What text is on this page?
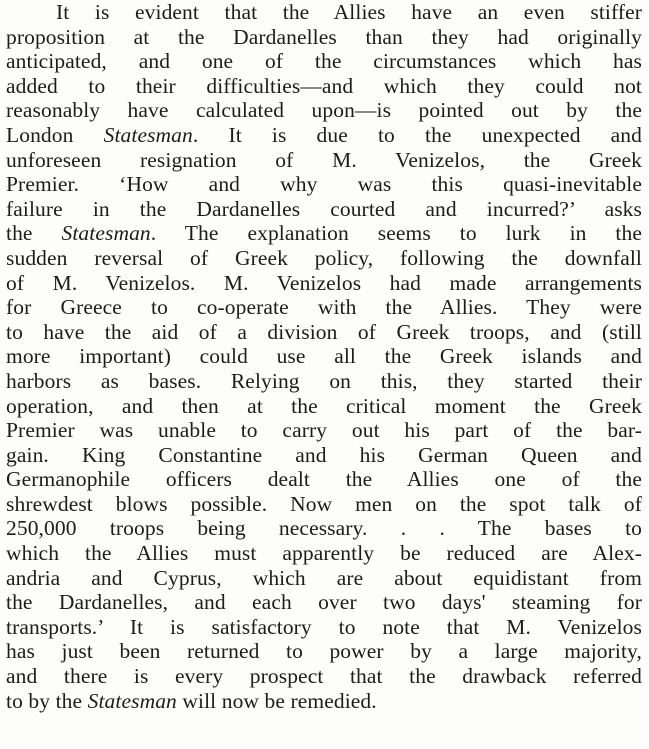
It is evident that the Allies have an even stiffer
proposition at the Dardanelles than they had originally
anticipated, and one of the circumstances which has
added to their difficulties—and which they could not
reasonably have calculated upon—is pointed out by the
London Statesman. It is due to the unexpected and
unforeseen resignation of M. Venizelos, the Greek
Premier. ‘How and why was this quasi-inevitable
failure in the Dardanelles courted and incurred?’ asks
the Statesman. The explanation seems to lurk in the
sudden reversal of Greek policy, following the downfall
of M. Venizelos. M. Venizelos had made arrangements
for Greece to co-operate with the Allies. They were
to have the aid of a division of Greek troops, and (still
more important) could use all the Greek islands and
harbors as bases. Relying on this, they started their
operation, and then at the critical moment the Greek
Premier was unable to carry out his part of the bar-
gain. King Constantine and his German Queen and
Germanophile officers dealt the Allies one of the
shrewdest blows possible. Now men on the spot talk of
250,000 troops being necessary. . . The bases to
which the Allies must apparently be reduced are Alex-
andria and Cyprus, which are about equidistant from
the Dardanelles, and each over two days' steaming for
transports.’ It is satisfactory to note that M. Venizelos
has just been returned to power by a large majority,
and there is every prospect that the drawback referred
to by the Statesman will now be remedied.
